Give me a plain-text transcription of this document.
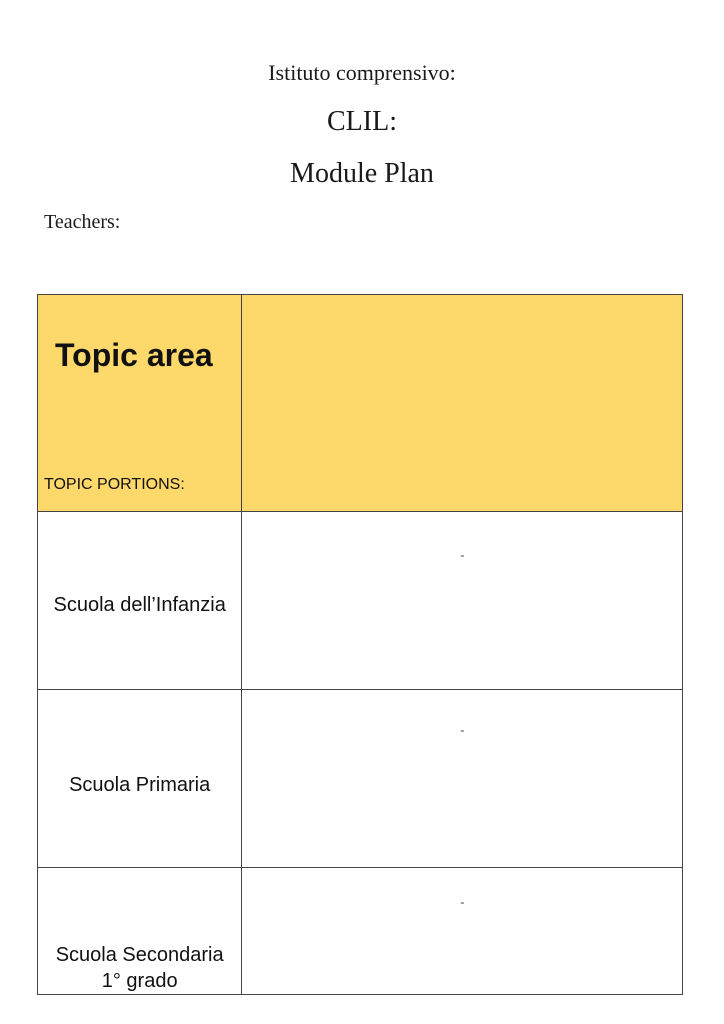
Istituto comprensivo:
CLIL:
Module Plan
Teachers:
Topic area
TOPIC PORTIONS:	

Scuola dell’Infanzia	-

Scuola Primaria	-

Scuola Secondaria
1° grado	-
